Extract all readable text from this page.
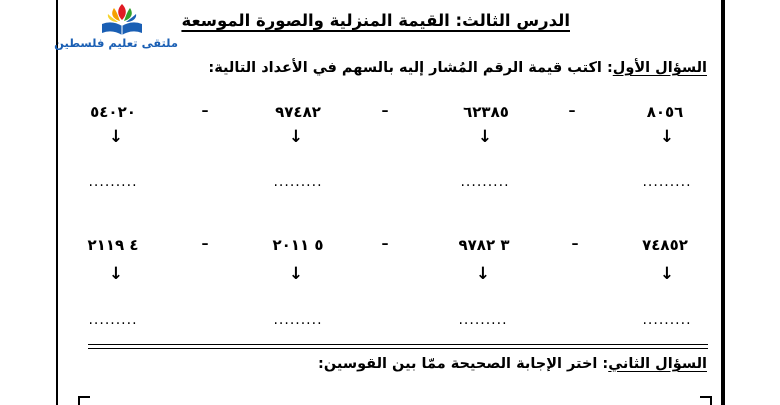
ملتقى تعليم فلسطين
الدرس الثالث: القيمة المنزلية والصورة الموسعة
السؤال الأول: اكتب قيمة الرقم المُشار إليه بالسهم في الأعداد التالية:
٨٠٥٦
٦٢٣٨٥
٩٧٤٨٢
٥٤٠٢٠	–
–
–
↓
↓
↓
↓
.........
.........
.........
.........
٧٤٨٥٢
٣ ٩٧٨٢
٥ ٢٠١١
٤ ٢١١٩	–
–
–
↓
↓
↓
↓
.........
.........
.........
.........
السؤال الثاني: اختر الإجابة الصحيحة ممّا بين القوسين:
